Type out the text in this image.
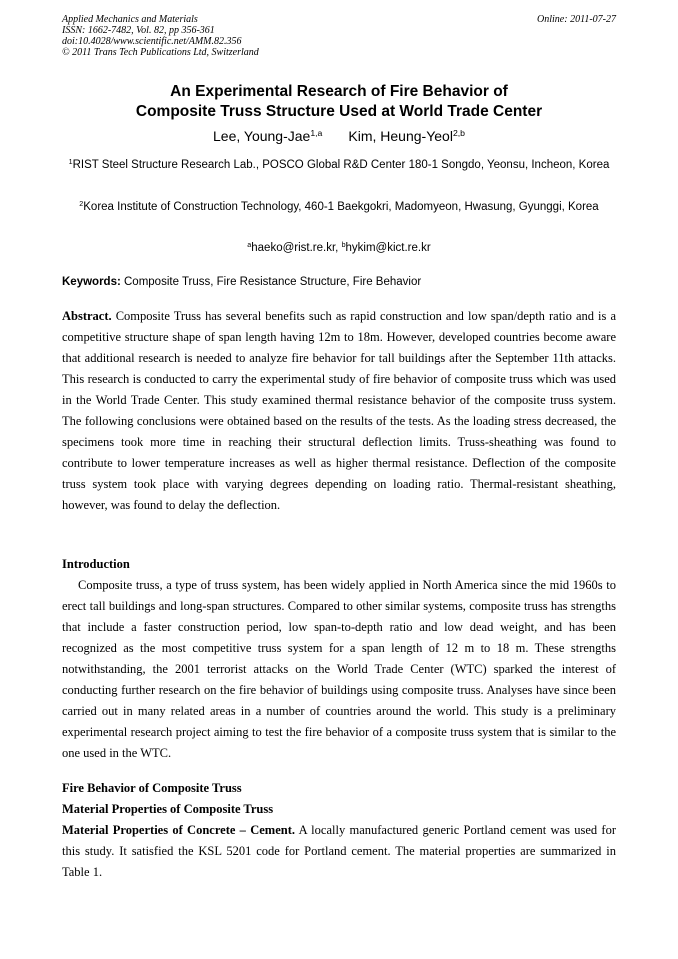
Applied Mechanics and Materials
ISSN: 1662-7482, Vol. 82, pp 356-361
doi:10.4028/www.scientific.net/AMM.82.356
© 2011 Trans Tech Publications Ltd, Switzerland
Online: 2011-07-27
An Experimental Research of Fire Behavior of
Composite Truss Structure Used at World Trade Center
Lee, Young-Jae$^{1,a}$ Kim, Heung-Yeol$^{2,b}$
$^1$RIST Steel Structure Research Lab., POSCO Global R&D Center 180-1 Songdo, Yeonsu, Incheon, Korea
$^2$Korea Institute of Construction Technology, 460-1 Baekgokri, Madomyeon, Hwasung, Gyunggi, Korea
$^a$haeko@rist.re.kr, $^b$hykim@kict.re.kr
Keywords: Composite Truss, Fire Resistance Structure, Fire Behavior

Abstract. Composite Truss has several benefits such as rapid construction and low span/depth ratio and is a competitive structure shape of span length having 12m to 18m. However, developed countries become aware that additional research is needed to analyze fire behavior for tall buildings after the September 11th attacks. This research is conducted to carry the experimental study of fire behavior of composite truss which was used in the World Trade Center. This study examined thermal resistance behavior of the composite truss system. The following conclusions were obtained based on the results of the tests. As the loading stress decreased, the specimens took more time in reaching their structural deflection limits. Truss-sheathing was found to contribute to lower temperature increases as well as higher thermal resistance. Deflection of the composite truss system took place with varying degrees depending on loading ratio. Thermal-resistant sheathing, however, was found to delay the deflection.

Introduction

Composite truss, a type of truss system, has been widely applied in North America since the mid 1960s to erect tall buildings and long-span structures. Compared to other similar systems, composite truss has strengths that include a faster construction period, low span-to-depth ratio and low dead weight, and has been recognized as the most competitive truss system for a span length of 12 m to 18 m. These strengths notwithstanding, the 2001 terrorist attacks on the World Trade Center (WTC) sparked the interest of conducting further research on the fire behavior of buildings using composite truss. Analyses have since been carried out in many related areas in a number of countries around the world. This study is a preliminary experimental research project aiming to test the fire behavior of a composite truss system that is similar to the one used in the WTC.

Fire Behavior of Composite Truss
Material Properties of Composite Truss

Material Properties of Concrete – Cement. A locally manufactured generic Portland cement was used for this study. It satisfied the KSL 5201 code for Portland cement. The material properties are summarized in Table 1.
